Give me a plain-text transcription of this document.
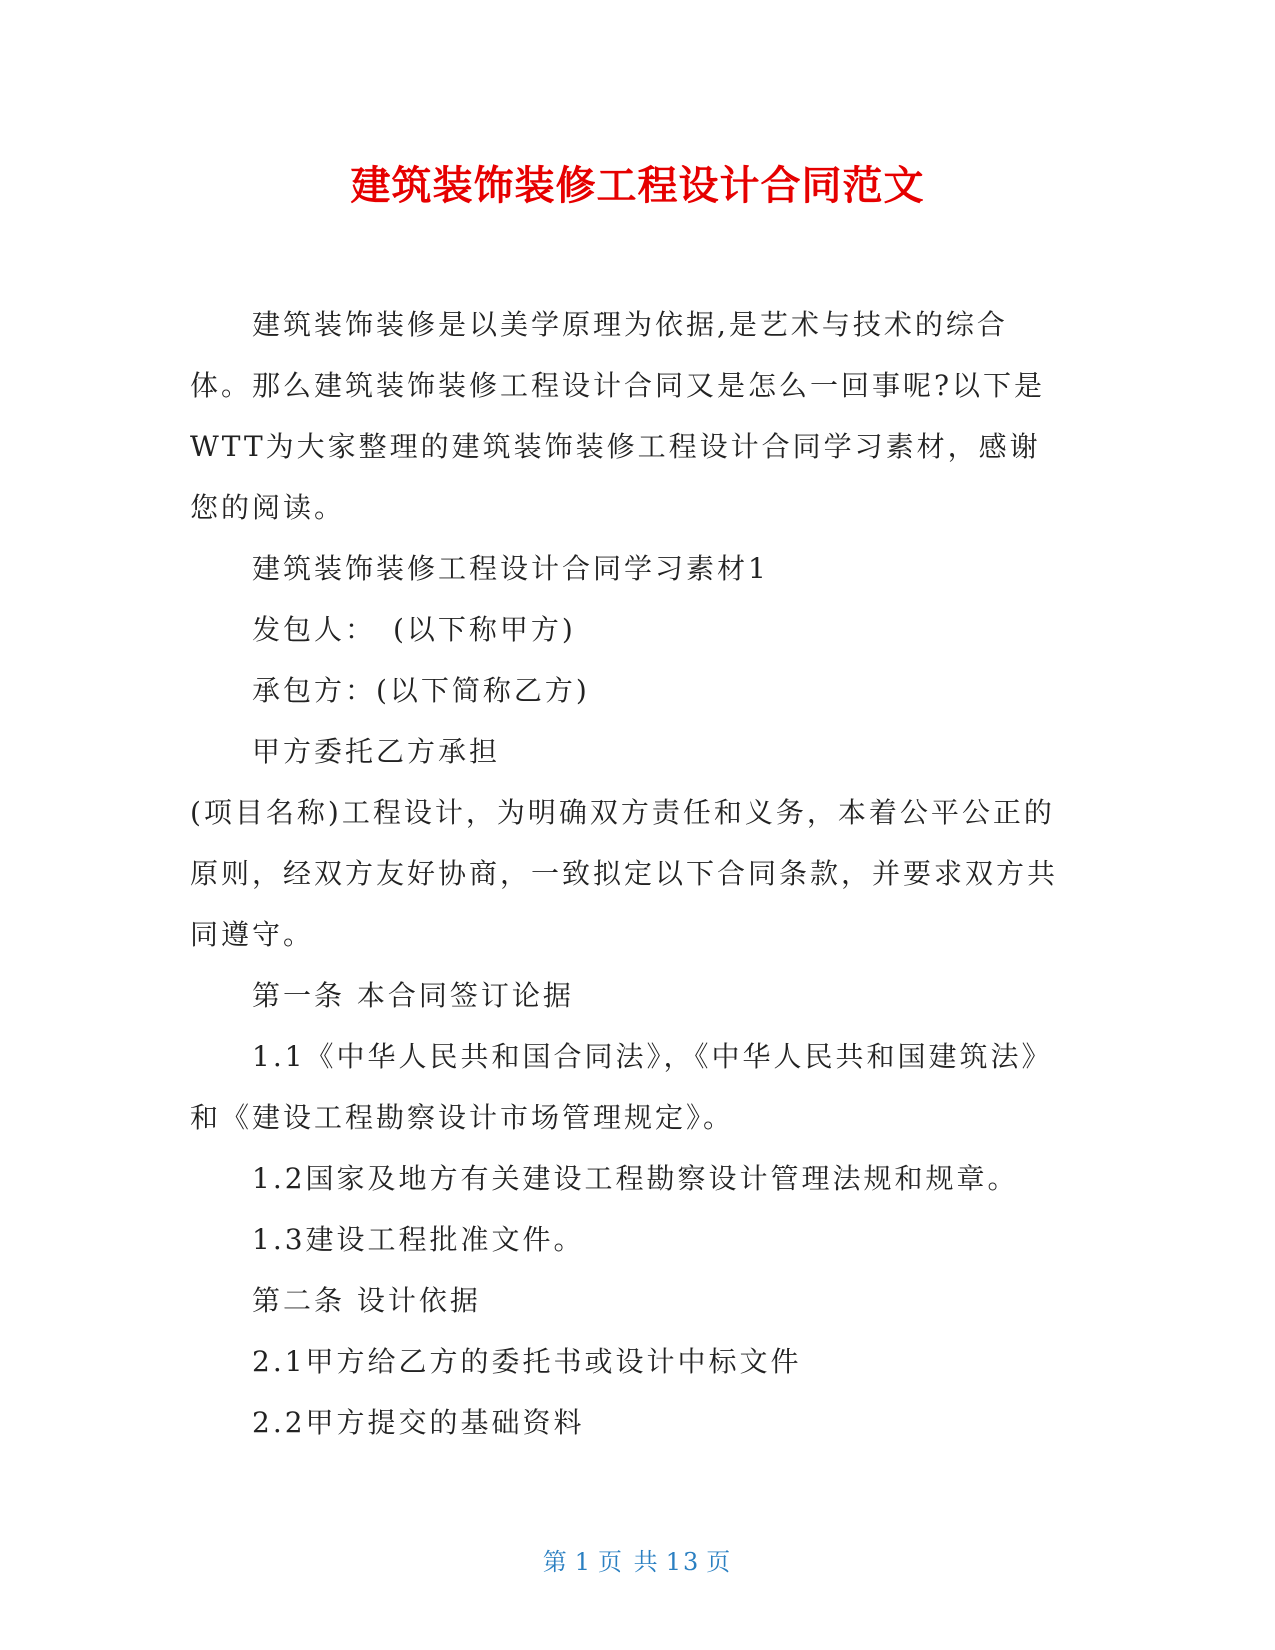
建筑装饰装修工程设计合同范文

建筑装饰装修是以美学原理为依据,是艺术与技术的综合体。那么建筑装饰装修工程设计合同又是怎么一回事呢?以下是WTT为大家整理的建筑装饰装修工程设计合同学习素材，感谢您的阅读。

建筑装饰装修工程设计合同学习素材1

发包人：　(以下称甲方)

承包方：(以下简称乙方)

甲方委托乙方承担

(项目名称)工程设计，为明确双方责任和义务，本着公平公正的原则，经双方友好协商，一致拟定以下合同条款，并要求双方共同遵守。

第一条 本合同签订论据

1.1《中华人民共和国合同法》，《中华人民共和国建筑法》和《建设工程勘察设计市场管理规定》。

1.2国家及地方有关建设工程勘察设计管理法规和规章。

1.3建设工程批准文件。

第二条 设计依据

2.1甲方给乙方的委托书或设计中标文件

2.2甲方提交的基础资料

第 1 页 共 13 页
